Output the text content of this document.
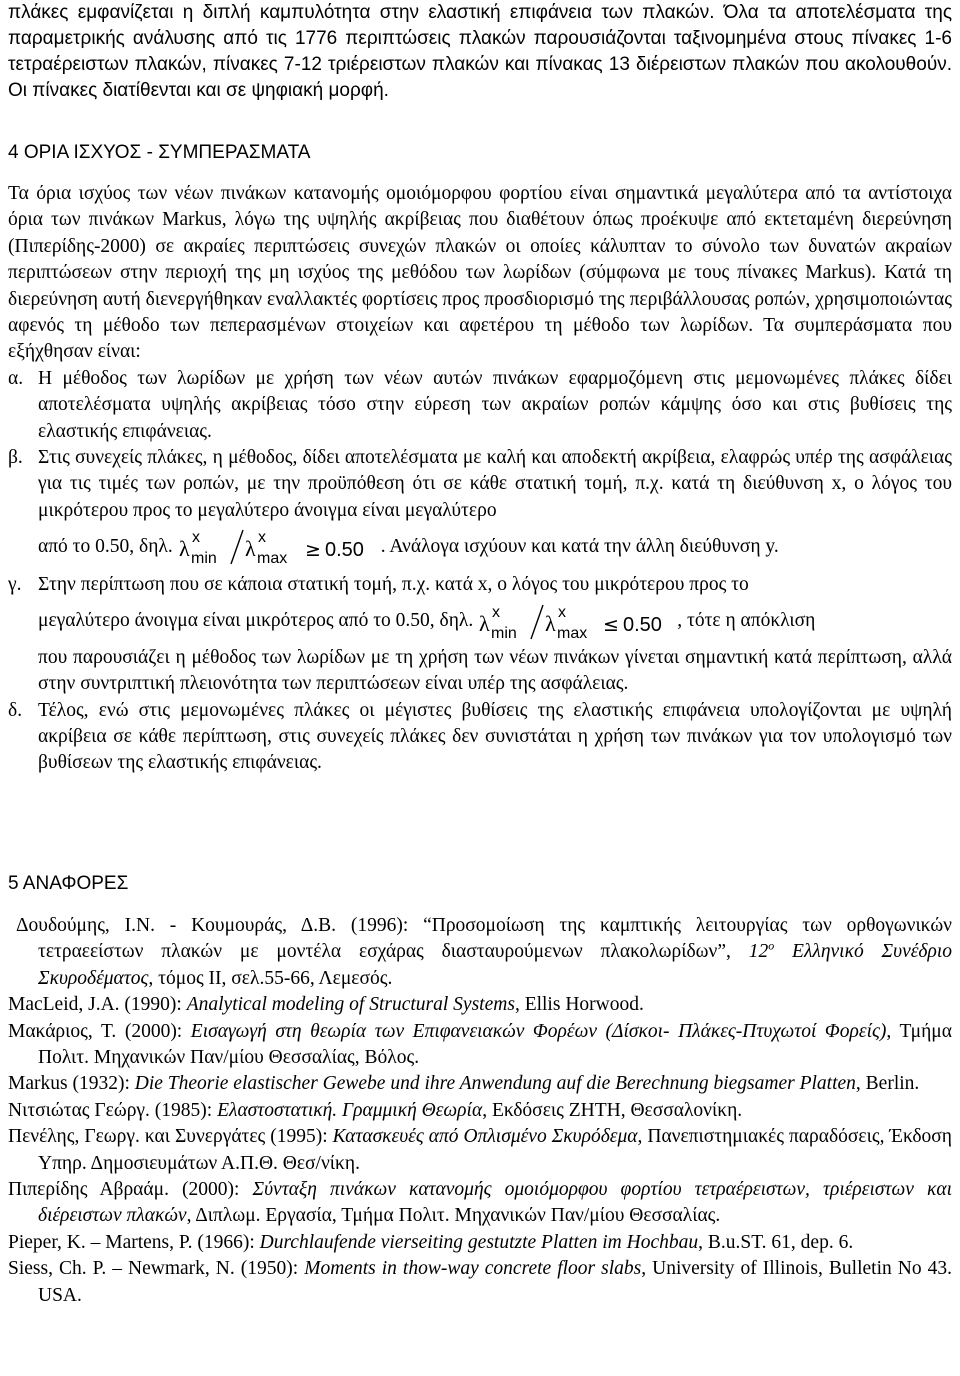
πλάκες εμφανίζεται η διπλή καμπυλότητα στην ελαστική επιφάνεια των πλακών. Όλα τα αποτελέσματα της παραμετρικής ανάλυσης από τις 1776 περιπτώσεις πλακών παρουσιάζονται ταξινομημένα στους πίνακες 1-6 τετραέρειστων πλακών, πίνακες 7-12 τριέρειστων πλακών και πίνακας 13 διέρειστων πλακών που ακολουθούν. Οι πίνακες διατίθενται και σε ψηφιακή μορφή.

4 ΟΡΙΑ ΙΣΧΥΟΣ - ΣΥΜΠΕΡΑΣΜΑΤΑ

Τα όρια ισχύος των νέων πινάκων κατανομής ομοιόμορφου φορτίου είναι σημαντικά μεγαλύτερα από τα αντίστοιχα όρια των πινάκων Markus, λόγω της υψηλής ακρίβειας που διαθέτουν όπως προέκυψε από εκτεταμένη διερεύνηση (Πιπερίδης-2000) σε ακραίες περιπτώσεις συνεχών πλακών οι οποίες κάλυπταν το σύνολο των δυνατών ακραίων περιπτώσεων στην περιοχή της μη ισχύος της μεθόδου των λωρίδων (σύμφωνα με τους πίνακες Markus). Κατά τη διερεύνηση αυτή διενεργήθηκαν εναλλακτές φορτίσεις προς προσδιορισμό της περιβάλλουσας ροπών, χρησιμοποιώντας αφενός τη μέθοδο των πεπερασμένων στοιχείων και αφετέρου τη μέθοδο των λωρίδων. Τα συμπεράσματα που εξήχθησαν είναι:

α. Η μέθοδος των λωρίδων με χρήση των νέων αυτών πινάκων εφαρμοζόμενη στις μεμονωμένες πλάκες δίδει αποτελέσματα υψηλής ακρίβειας τόσο στην εύρεση των ακραίων ροπών κάμψης όσο και στις βυθίσεις της ελαστικής επιφάνειας.
β. Στις συνεχείς πλάκες, η μέθοδος, δίδει αποτελέσματα με καλή και αποδεκτή ακρίβεια, ελαφρώς υπέρ της ασφάλειας για τις τιμές των ροπών, με την προϋπόθεση ότι σε κάθε στατική τομή, π.χ. κατά τη διεύθυνση x, ο λόγος του μικρότερου προς το μεγαλύτερο άνοιγμα είναι μεγαλύτερο
από το 0.50, δηλ. λ x
min λ x
max ≥ 0.50 . Ανάλογα ισχύουν και κατά την άλλη διεύθυνση y.
γ. Στην περίπτωση που σε κάποια στατική τομή, π.χ. κατά x, ο λόγος του μικρότερου προς το
μεγαλύτερο άνοιγμα είναι μικρότερος από το 0.50, δηλ. λ x
min λ x
max ≤ 0.50 , τότε η απόκλιση
που παρουσιάζει η μέθοδος των λωρίδων με τη χρήση των νέων πινάκων γίνεται σημαντική κατά περίπτωση, αλλά στην συντριπτική πλειονότητα των περιπτώσεων είναι υπέρ της ασφάλειας.
δ. Τέλος, ενώ στις μεμονωμένες πλάκες οι μέγιστες βυθίσεις της ελαστικής επιφάνεια υπολογίζονται με υψηλή ακρίβεια σε κάθε περίπτωση, στις συνεχείς πλάκες δεν συνιστάται η χρήση των πινάκων για τον υπολογισμό των βυθίσεων της ελαστικής επιφάνειας.
5 ΑΝΑΦΟΡΕΣ
Δουδούμης, Ι.Ν. - Κουμουράς, Δ.Β. (1996): “Προσομοίωση της καμπτικής λειτουργίας των ορθογωνικών τετραεείστων πλακών με μοντέλα εσχάρας διασταυρούμενων πλακολωρίδων”, $12^o$ Ελληνικό Συνέδριο Σκυροδέματος, τόμος ΙΙ, σελ.55-66, Λεμεσός.
MacLeid, J.A. (1990): Analytical modeling of Structural Systems, Ellis Horwood.
Μακάριος, Τ. (2000): Εισαγωγή στη θεωρία των Επιφανειακών Φορέων (Δίσκοι- Πλάκες-Πτυχωτοί Φορείς), Τμήμα Πολιτ. Μηχανικών Παν/μίου Θεσσαλίας, Βόλος.
Markus (1932): Die Theorie elastischer Gewebe und ihre Anwendung auf die Berechnung biegsamer Platten, Berlin.
Νιτσιώτας Γεώργ. (1985): Ελαστοστατική. Γραμμική Θεωρία, Εκδόσεις ΖΗΤΗ, Θεσσαλονίκη.
Πενέλης, Γεωργ. και Συνεργάτες (1995): Κατασκευές από Οπλισμένο Σκυρόδεμα, Πανεπιστημιακές παραδόσεις, Έκδοση Υπηρ. Δημοσιευμάτων Α.Π.Θ. Θεσ/νίκη.
Πιπερίδης Αβραάμ. (2000): Σύνταξη πινάκων κατανομής ομοιόμορφου φορτίου τετραέρειστων, τριέρειστων και διέρειστων πλακών, Διπλωμ. Εργασία, Τμήμα Πολιτ. Μηχανικών Παν/μίου Θεσσαλίας.
Pieper, K. – Martens, P. (1966): Durchlaufende vierseiting gestutzte Platten im Hochbau, B.u.ST. 61, dep. 6.
Siess, Ch. P. – Newmark, N. (1950): Moments in thow-way concrete floor slabs, University of Illinois, Bulletin No 43. USA.
